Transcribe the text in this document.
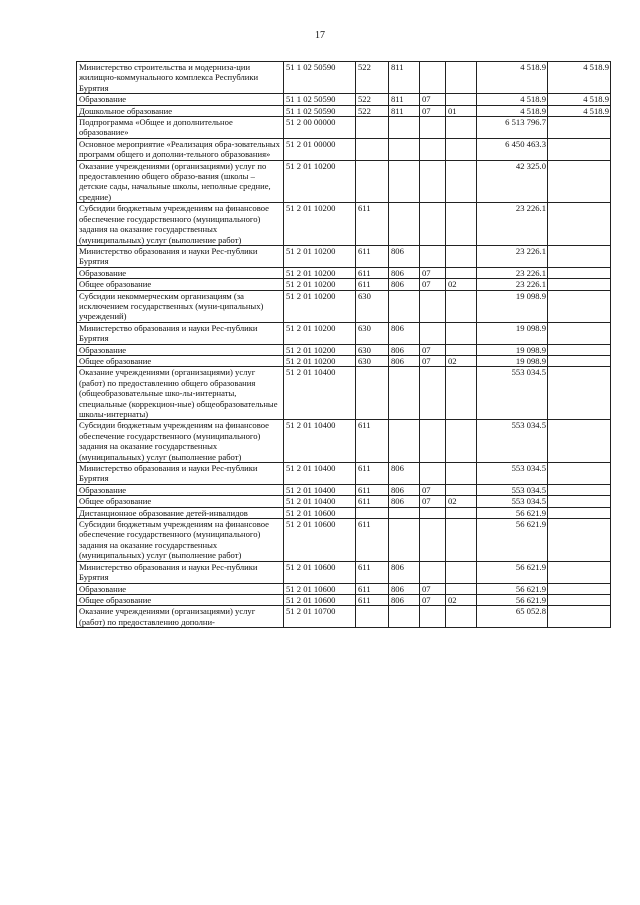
17
Министерство строительства и модерниза-ции жилищно-коммунального комплекса Республики Бурятия	51 1 02 50590	522	811			4 518.9	4 518.9
Образование	51 1 02 50590	522	811	07		4 518.9	4 518.9
Дошкольное образование	51 1 02 50590	522	811	07	01	4 518.9	4 518.9
Подпрограмма «Общее и дополнительное образование»	51 2 00 00000					6 513 796.7	
Основное мероприятие «Реализация обра-зовательных программ общего и дополни-тельного образования»	51 2 01 00000					6 450 463.3	
Оказание учреждениями (организациями) услуг по предоставлению общего образо-вания (школы – детские сады, начальные школы, неполные средние, средние)	51 2 01 10200					42 325.0	
Субсидии бюджетным учреждениям на финансовое обеспечение государственного (муниципального) задания на оказание государственных (муниципальных) услуг (выполнение работ)	51 2 01 10200	611				23 226.1	
Министерство образования и науки Рес-публики Бурятия	51 2 01 10200	611	806			23 226.1	
Образование	51 2 01 10200	611	806	07		23 226.1	
Общее образование	51 2 01 10200	611	806	07	02	23 226.1	
Субсидии некоммерческим организациям (за исключением государственных (муни-ципальных) учреждений)	51 2 01 10200	630				19 098.9	
Министерство образования и науки Рес-публики Бурятия	51 2 01 10200	630	806			19 098.9	
Образование	51 2 01 10200	630	806	07		19 098.9	
Общее образование	51 2 01 10200	630	806	07	02	19 098.9	
Оказание учреждениями (организациями) услуг (работ) по предоставлению общего образования (общеобразовательные шко-лы-интернаты, специальные (коррекцион-ные) общеобразовательные школы-интернаты)	51 2 01 10400					553 034.5	
Субсидии бюджетным учреждениям на финансовое обеспечение государственного (муниципального) задания на оказание государственных (муниципальных) услуг (выполнение работ)	51 2 01 10400	611				553 034.5	
Министерство образования и науки Рес-публики Бурятия	51 2 01 10400	611	806			553 034.5	
Образование	51 2 01 10400	611	806	07		553 034.5	
Общее образование	51 2 01 10400	611	806	07	02	553 034.5	
Дистанционное образование детей-инвалидов	51 2 01 10600					56 621.9	
Субсидии бюджетным учреждениям на финансовое обеспечение государственного (муниципального) задания на оказание государственных (муниципальных) услуг (выполнение работ)	51 2 01 10600	611				56 621.9	
Министерство образования и науки Рес-публики Бурятия	51 2 01 10600	611	806			56 621.9	
Образование	51 2 01 10600	611	806	07		56 621.9	
Общее образование	51 2 01 10600	611	806	07	02	56 621.9	
Оказание учреждениями (организациями) услуг (работ) по предоставлению дополни-	51 2 01 10700					65 052.8	
